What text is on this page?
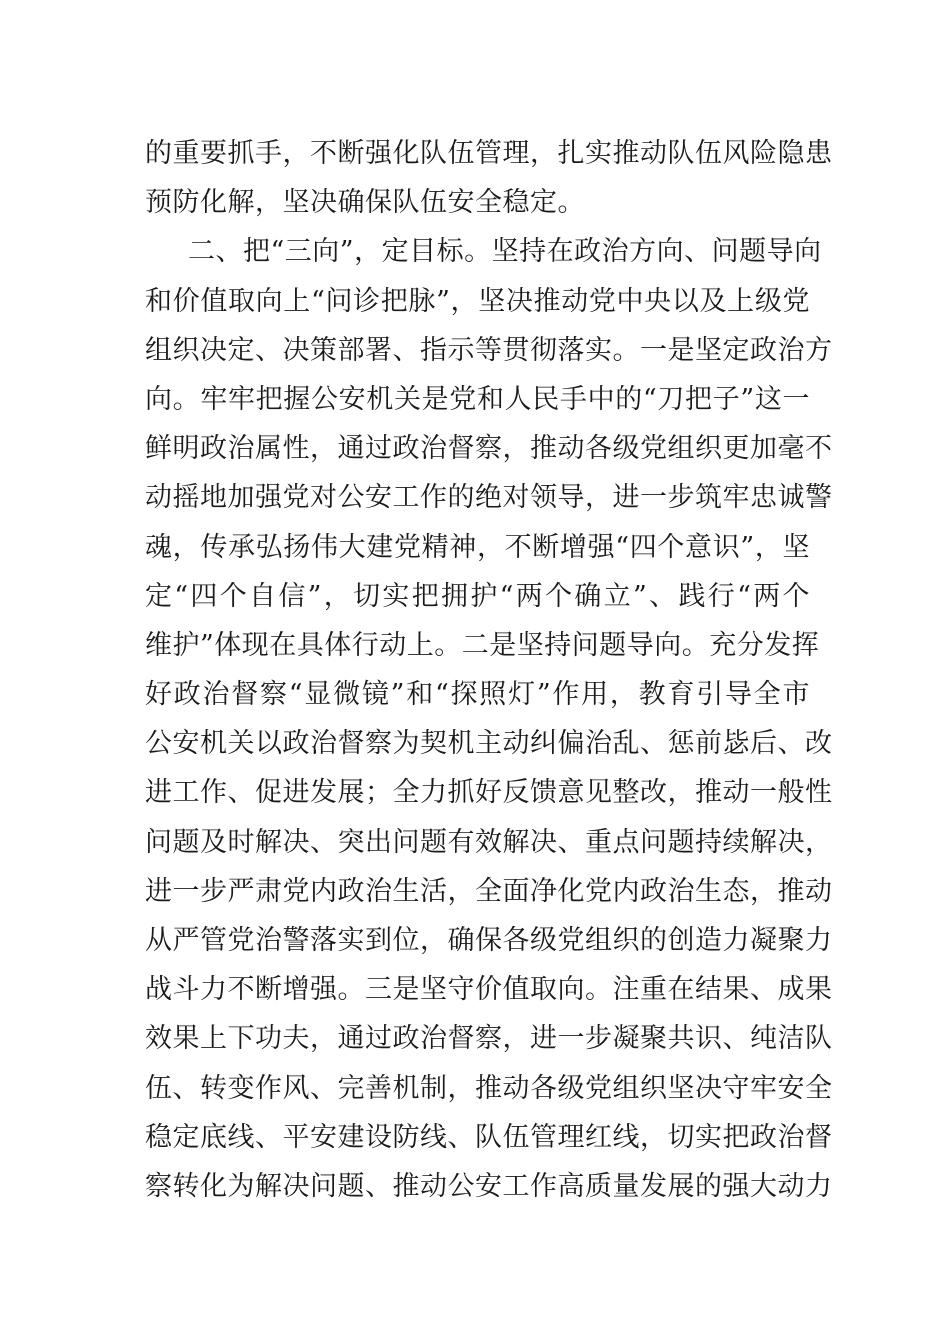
的重要抓手，不断强化队伍管理，扎实推动队伍风险隐患
预防化解，坚决确保队伍安全稳定。
二、把“三向”，定目标。坚持在政治方向、问题导向
和价值取向上“问诊把脉”，坚决推动党中央以及上级党
组织决定、决策部署、指示等贯彻落实。一是坚定政治方
向。牢牢把握公安机关是党和人民手中的“刀把子”这一
鲜明政治属性，通过政治督察，推动各级党组织更加毫不
动摇地加强党对公安工作的绝对领导，进一步筑牢忠诚警
魂，传承弘扬伟大建党精神，不断增强“四个意识”，坚
定“四个自信”，切实把拥护“两个确立”、践行“两个
维护”体现在具体行动上。二是坚持问题导向。充分发挥
好政治督察“显微镜”和“探照灯”作用，教育引导全市
公安机关以政治督察为契机主动纠偏治乱、惩前毖后、改
进工作、促进发展；全力抓好反馈意见整改，推动一般性
问题及时解决、突出问题有效解决、重点问题持续解决，
进一步严肃党内政治生活，全面净化党内政治生态，推动
从严管党治警落实到位，确保各级党组织的创造力凝聚力
战斗力不断增强。三是坚守价值取向。注重在结果、成果
效果上下功夫，通过政治督察，进一步凝聚共识、纯洁队
伍、转变作风、完善机制，推动各级党组织坚决守牢安全
稳定底线、平安建设防线、队伍管理红线，切实把政治督
察转化为解决问题、推动公安工作高质量发展的强大动力
